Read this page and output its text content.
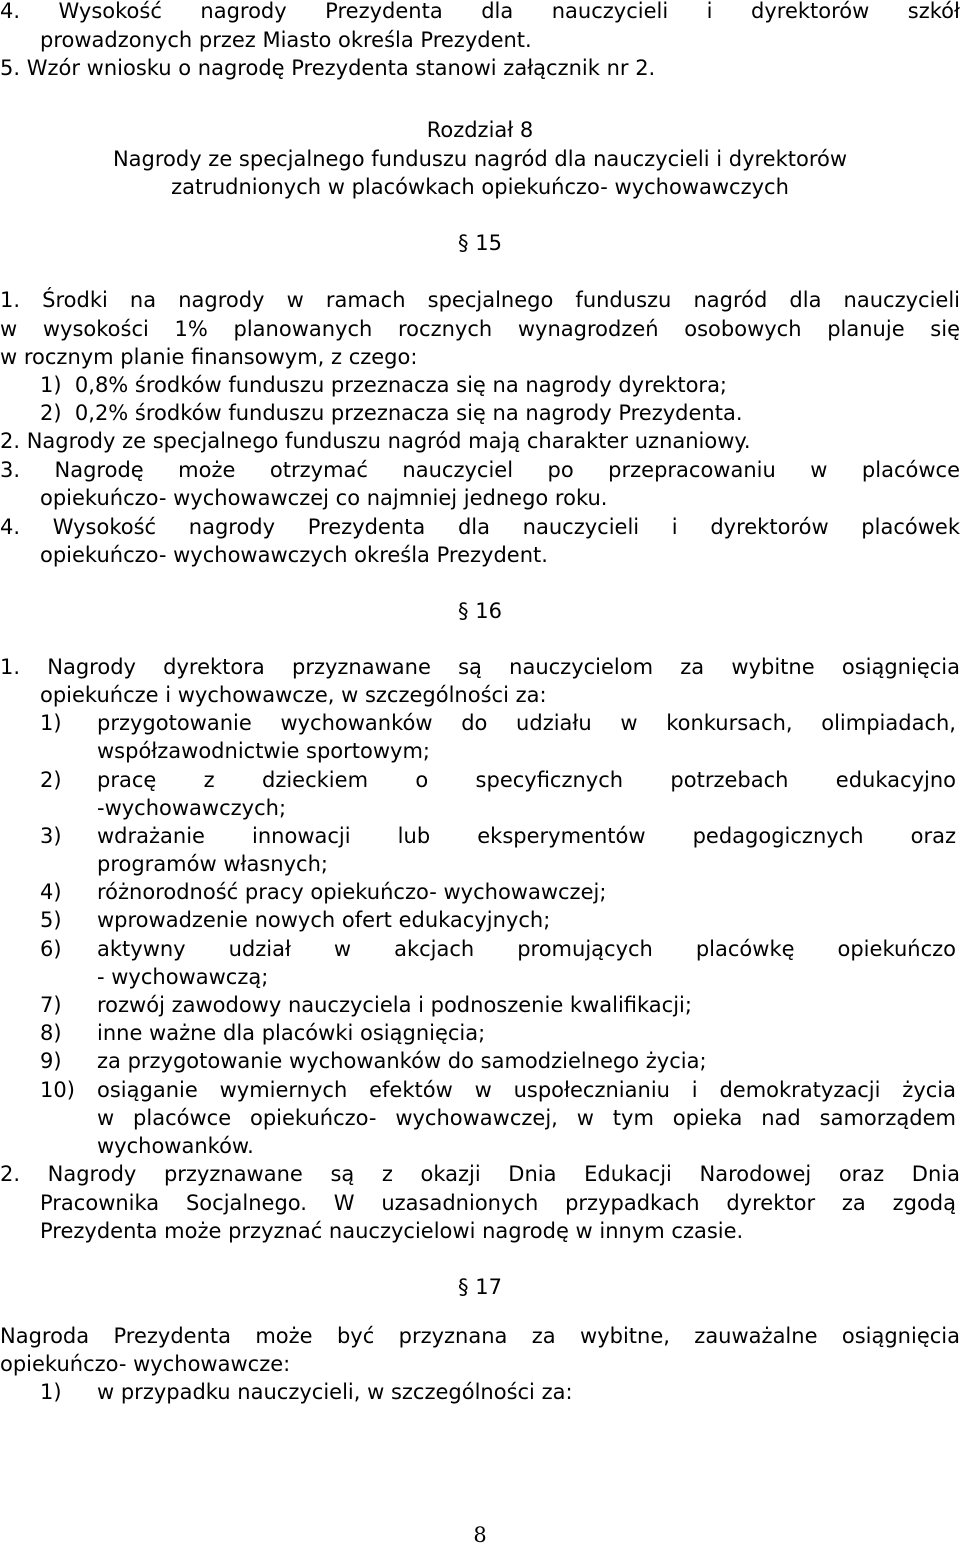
4. Wysokość nagrody Prezydenta dla nauczycieli i dyrektorów szkół
prowadzonych przez Miasto określa Prezydent.
5. Wzór wniosku o nagrodę Prezydenta stanowi załącznik nr 2.
Rozdział 8
Nagrody ze specjalnego funduszu nagród dla nauczycieli i dyrektorów
zatrudnionych w placówkach opiekuńczo- wychowawczych
§ 15
1. Środki na nagrody w ramach specjalnego funduszu nagród dla nauczycieli
w wysokości 1% planowanych rocznych wynagrodzeń osobowych planuje się
w rocznym planie finansowym, z czego:
1)  0,8% środków funduszu przeznacza się na nagrody dyrektora;
2)  0,2% środków funduszu przeznacza się na nagrody Prezydenta.
2. Nagrody ze specjalnego funduszu nagród mają charakter uznaniowy.
3. Nagrodę może otrzymać nauczyciel po przepracowaniu w placówce
opiekuńczo- wychowawczej co najmniej jednego roku.
4. Wysokość nagrody Prezydenta dla nauczycieli i dyrektorów placówek
opiekuńczo- wychowawczych określa Prezydent.
§ 16
1. Nagrody dyrektora przyznawane są nauczycielom za wybitne osiągnięcia
opiekuńcze i wychowawcze, w szczególności za:
1) przygotowanie wychowanków do udziału w konkursach, olimpiadach,
współzawodnictwie sportowym;
2) pracę z dzieckiem o specyficznych potrzebach edukacyjno
-wychowawczych;
3) wdrażanie innowacji lub eksperymentów pedagogicznych oraz
programów własnych;
4) różnorodność pracy opiekuńczo- wychowawczej;
5) wprowadzenie nowych ofert edukacyjnych;
6) aktywny udział w akcjach promujących placówkę opiekuńczo
- wychowawczą;
7) rozwój zawodowy nauczyciela i podnoszenie kwalifikacji;
8) inne ważne dla placówki osiągnięcia;
9) za przygotowanie wychowanków do samodzielnego życia;
10) osiąganie wymiernych efektów w uspołecznianiu i demokratyzacji życia
w placówce opiekuńczo- wychowawczej, w tym opieka nad samorządem
wychowanków.
2. Nagrody przyznawane są z okazji Dnia Edukacji Narodowej oraz Dnia
Pracownika Socjalnego. W uzasadnionych przypadkach dyrektor za zgodą
Prezydenta może przyznać nauczycielowi nagrodę w innym czasie.
§ 17
Nagroda Prezydenta może być przyznana za wybitne, zauważalne osiągnięcia
opiekuńczo- wychowawcze:
1) w przypadku nauczycieli, w szczególności za:
8
